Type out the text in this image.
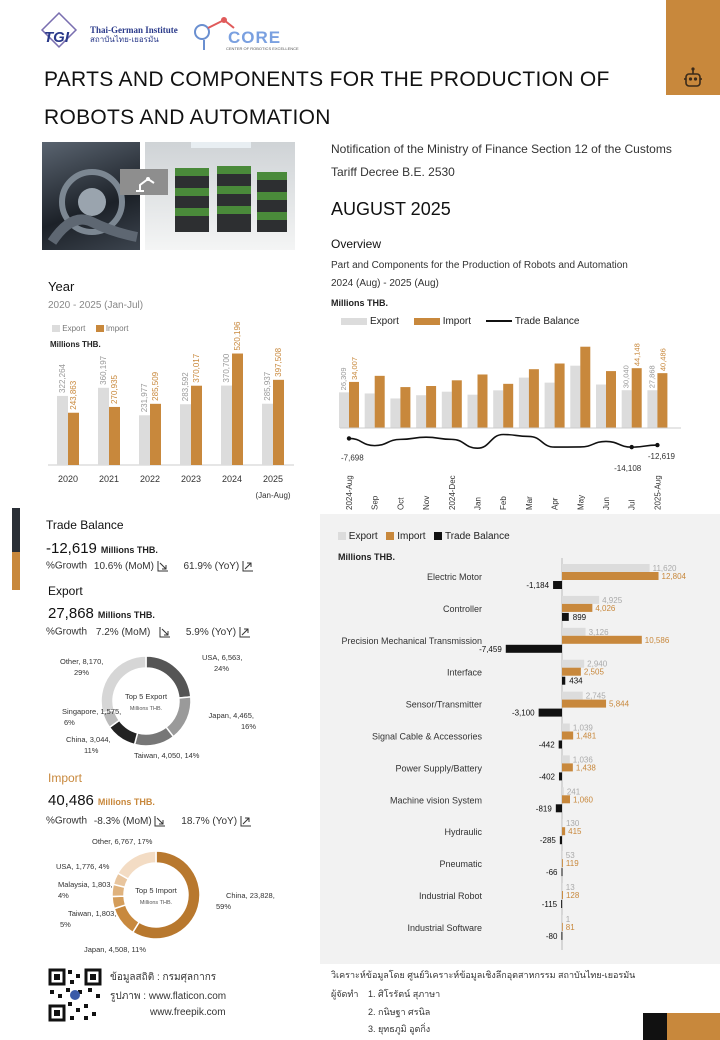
TGI Thai-German Institute
สถาบันไทย-เยอรมัน	CORE
CENTER OF ROBOTICS EXCELLENCE
PARTS AND COMPONENTS FOR THE PRODUCTION OF
ROBOTS AND AUTOMATION
Notification of the Ministry of Finance Section 12 of the Customs
Tariff Decree B.E. 2530
AUGUST 2025
Overview
Part and Components for the Production of Robots and Automation
2024 (Aug) - 2025 (Aug)
Millions THB.
Export	Import	Trade Balance
2024-Aug Sep Oct Nov 2024-Dec Jan Feb Mar Apr May Jun Jul 2025-Aug
26,309	30,040 27,868
34,007
44,148 40,486
-7,698
-14,108
-12,619
Year
2020 - 2025 (Jan-Jul)
Export	Import
Millions THB.
322,264
243,863
2020
360,197
270,935
2021
231,977 285,509
2022
283,592
370,017
2023
370,700
520,196
2024
285,937
397,508
2025
(Jan-Aug)
Trade Balance
-12,619 Millions THB.
%Growth 10.6% (MoM)	61.9% (YoY)
Export
27,868 Millions THB.
%Growth 7.2% (MoM)	5.9% (YoY)
Top 5 Export
Millions THB.
USA, 6,563,
24%
Japan, 4,465,
16%
Taiwan, 4,050, 14%
China, 3,044,
11%
Singapore, 1,575,
6%
Other, 8,170,
29%
Import
40,486 Millions THB.
%Growth -8.3% (MoM)	18.7% (YoY)
Top 5 Import
Millions THB.
China, 23,828,
59%
Japan, 4,508, 11%
Taiwan, 1,803,
5%
Malaysia, 1,803,
4%
USA, 1,776, 4%
Other, 6,767, 17%
Export Import Trade Balance
Millions THB.
Electric Motor
11,620
12,804
-1,184
Controller
4,925
4,026
899
Precision Mechanical Transmission
3,126
10,586
-7,459
Interface
2,940
2,505
434
Sensor/Transmitter
2,745
5,844
-3,100
Signal Cable & Accessories
1,039
1,481
-442
Power Supply/Battery
1,036
1,438
-402
Machine vision System
241
1,060
-819
Hydraulic
130
415
-285
Pneumatic
53
119
-66
Industrial Robot
13
128
-115
Industrial Software
1
81
-80
ข้อมูลสถิติ : กรมศุลกากร
รูปภาพ : www.flaticon.com
www.freepik.com
วิเคราะห์ข้อมูลโดย ศูนย์วิเคราะห์ข้อมูลเชิงลึกอุตสาหกรรม สถาบันไทย-เยอรมัน
ผู้จัดทำ 1. ศิโรรัตน์ สุภาษา
2. กนิษฐา ศรนิล
3. ยุทธภูมิ อูตกิ่ง
